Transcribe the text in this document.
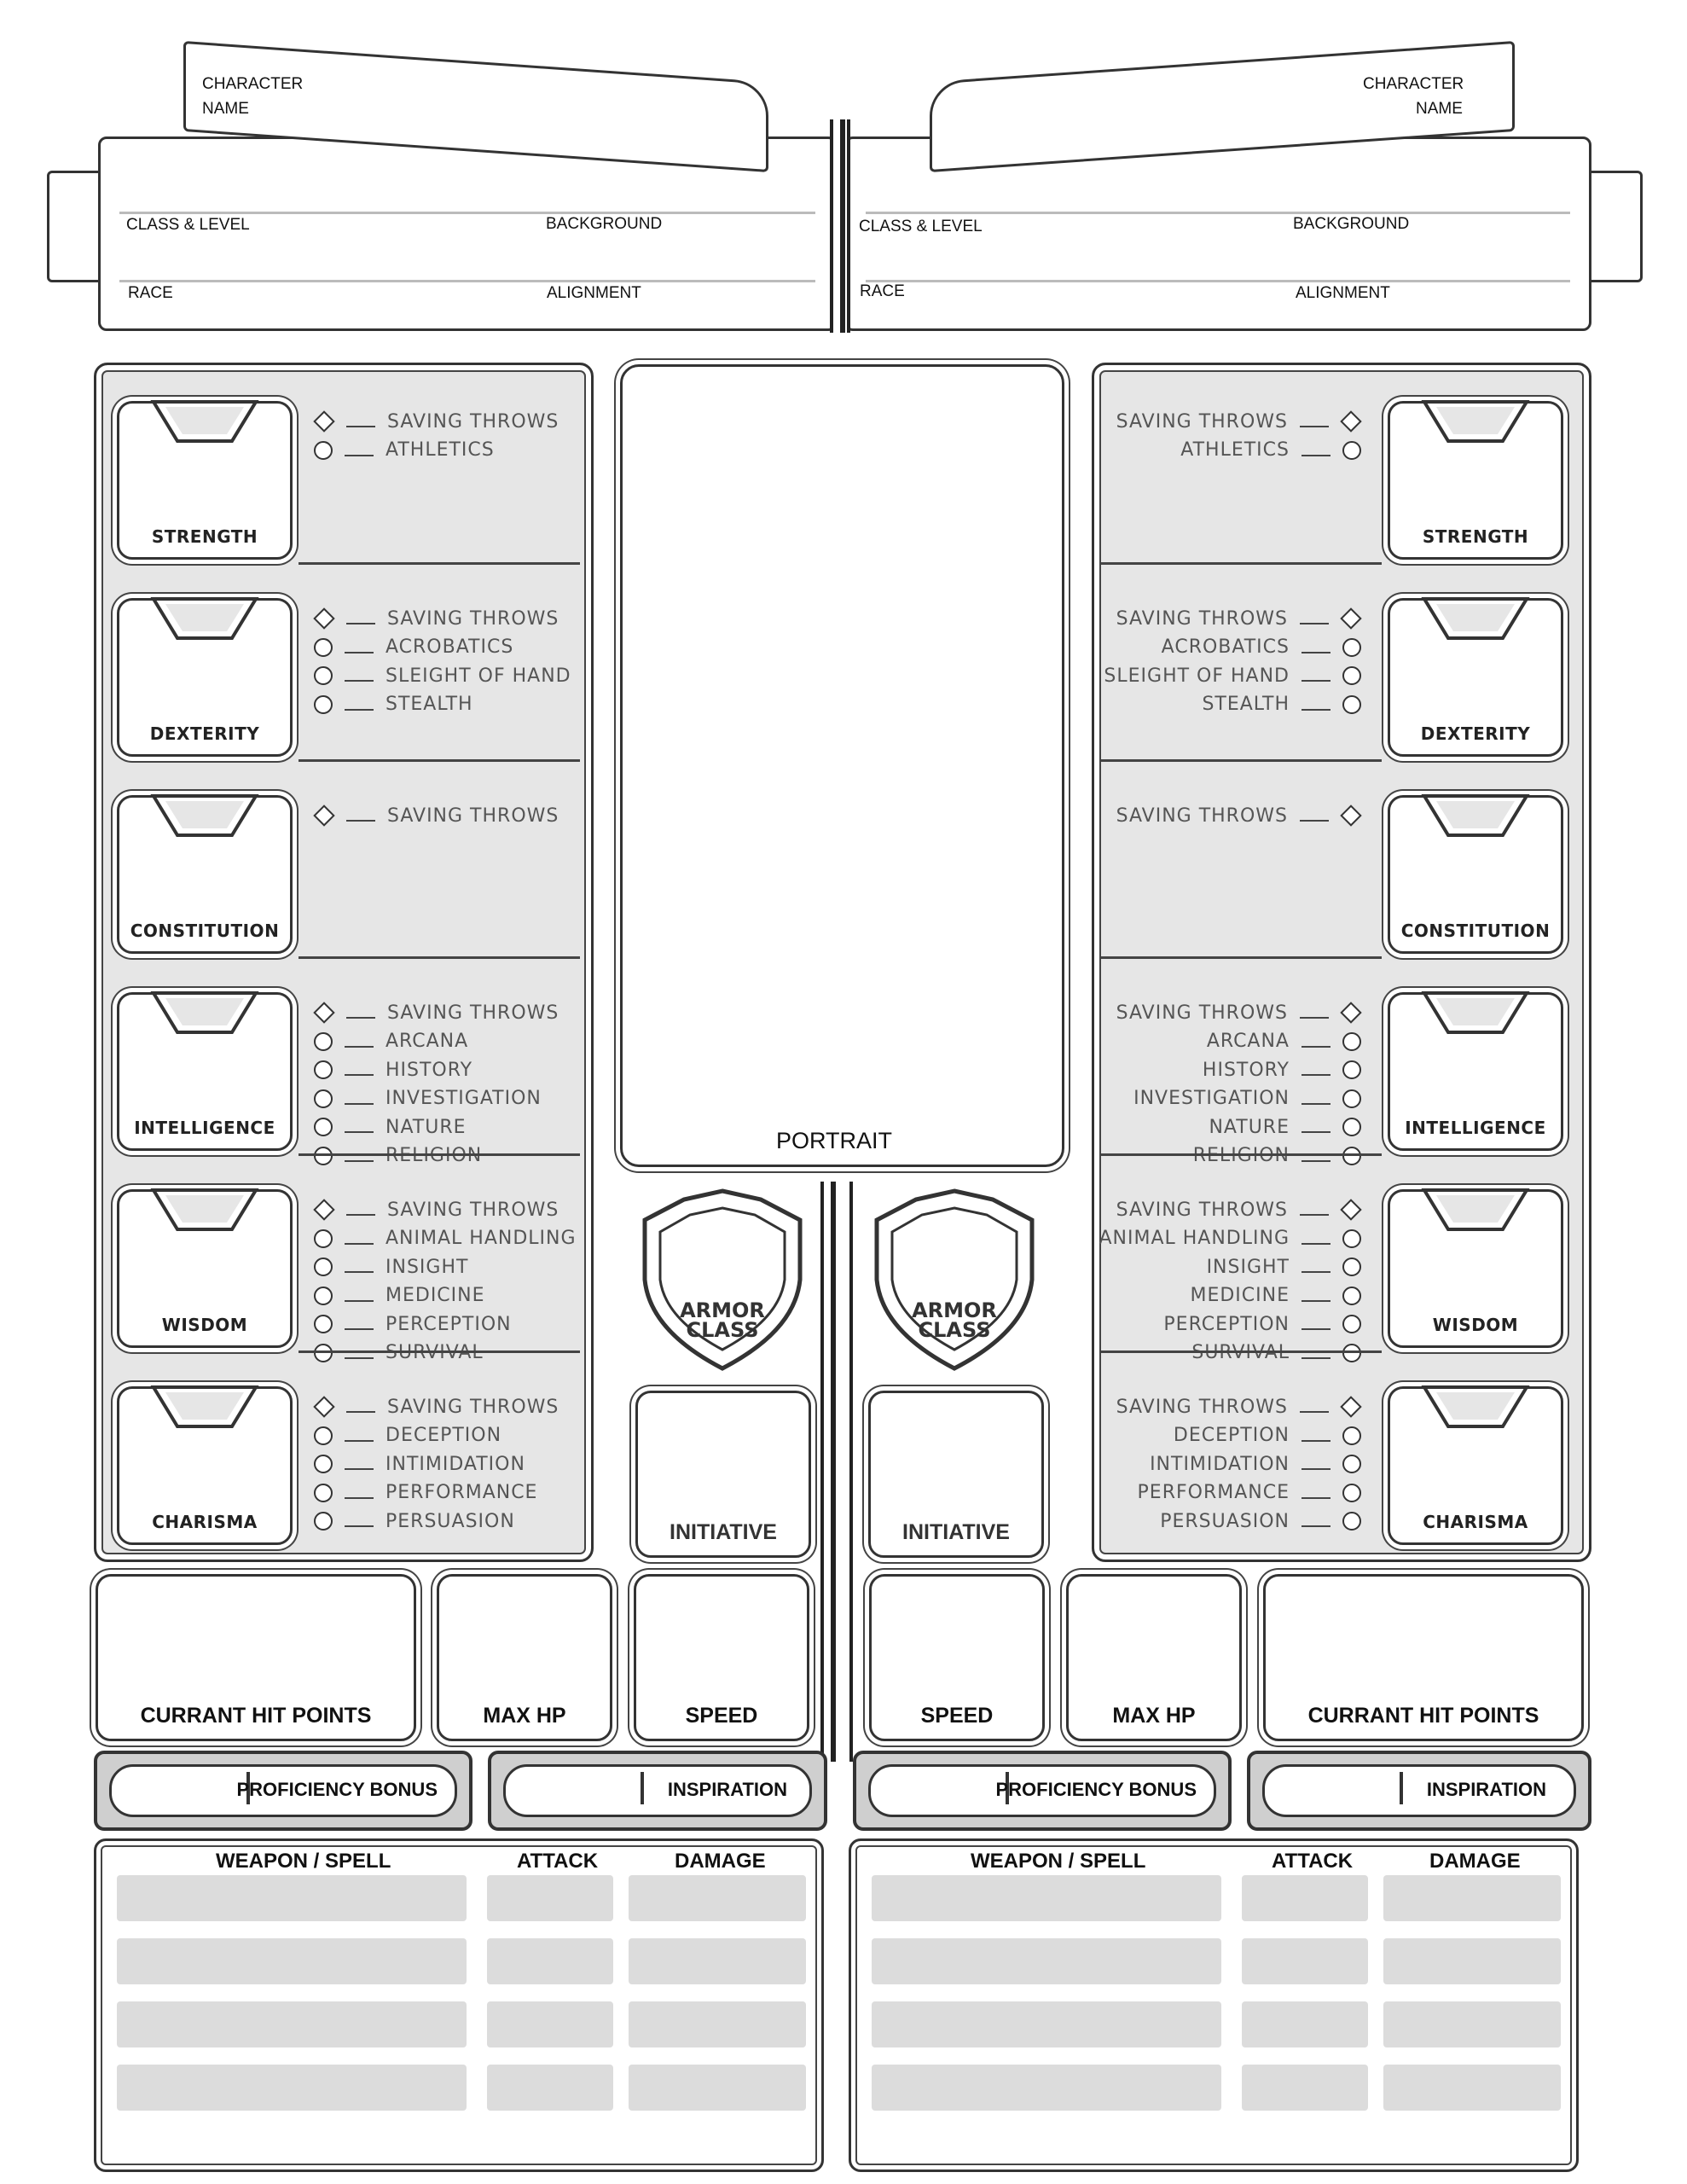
CHARACTER
NAME
CLASS & LEVEL	BACKGROUND
RACE	ALIGNMENT
CHARACTER
NAME
CLASS & LEVEL	BACKGROUND
RACE	ALIGNMENT
STRENGTH
SAVING THROWS
ATHLETICS
DEXTERITY
SAVING THROWS
ACROBATICS
SLEIGHT OF HAND
STEALTH
CONSTITUTION
SAVING THROWS
INTELLIGENCE
SAVING THROWS
ARCANA
HISTORY
INVESTIGATION
NATURE
WISDOM
SAVING THROWS
ANIMAL HANDLING
INSIGHT
MEDICINE
PERCEPTION
CHARISMA
SAVING THROWS
DECEPTION
INTIMIDATION
PERFORMANCE
PERSUASION
STRENGTH
SAVING THROWS
ATHLETICS
DEXTERITY
SAVING THROWS
ACROBATICS
SLEIGHT OF HAND
STEALTH
CONSTITUTION
SAVING THROWS
INTELLIGENCE
SAVING THROWS
ARCANA
HISTORY
INVESTIGATION
NATURE
WISDOM
SAVING THROWS
ANIMAL HANDLING
INSIGHT
MEDICINE
PERCEPTION
CHARISMA
SAVING THROWS
DECEPTION
INTIMIDATION
PERFORMANCE
PERSUASION
PORTRAIT
ARMOR
CLASS
ARMOR
CLASS
INITIATIVE	INITIATIVE
CURRANT HIT POINTS	MAX HP	SPEED	SPEED	MAX HP	CURRANT HIT POINTS
PROFICIENCY BONUS	INSPIRATION	PROFICIENCY BONUS	INSPIRATION
WEAPON / SPELL	ATTACK	DAMAGE	WEAPON / SPELL	ATTACK	DAMAGE
